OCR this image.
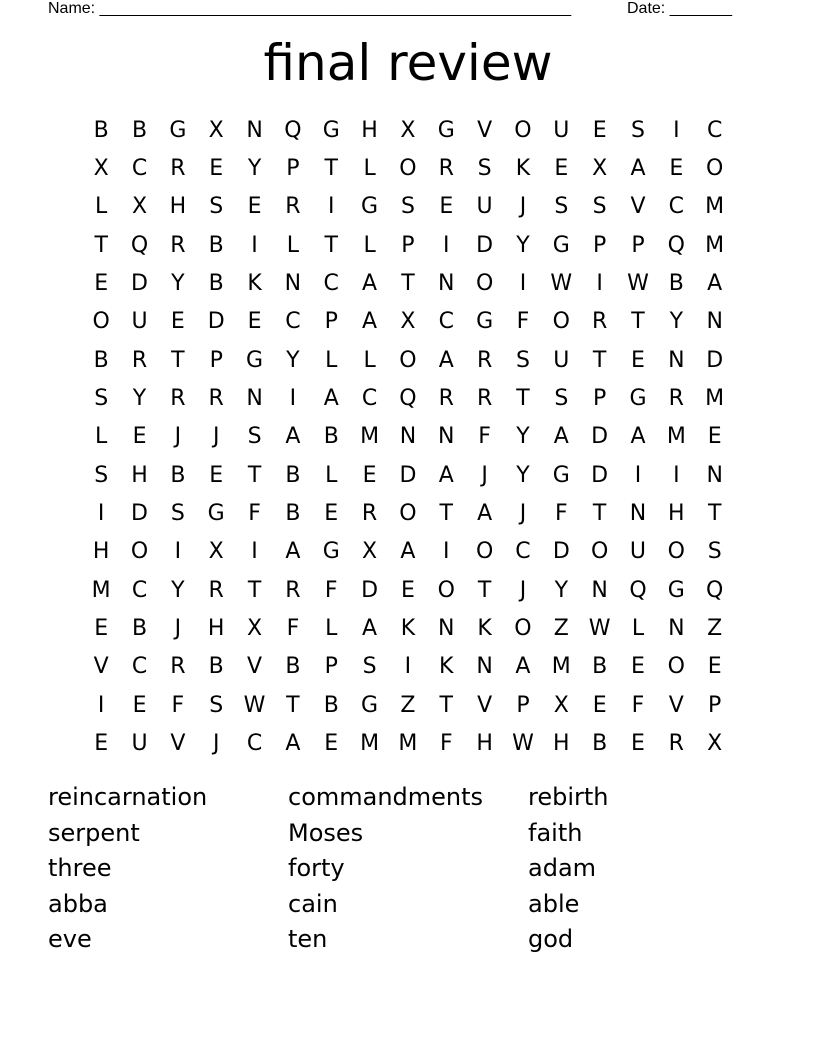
Name: _____________________________________________________	Date: _______
final review
B	B	G	X	N Q G H	X	G	V	O U	E	S	I	C
X	C	R	E	Y	P	T	L	O	R	S	K	E	X	A	E	O
L	X	H	S	E	R	I	G	S	E	U	J	S	S	V	C M
T	Q	R	B	I	L	T	L	P	I	D	Y	G	P	P	Q M
E	D	Y	B	K	N	C	A	T	N O	I	W	I	W B	A
O U	E	D	E	C	P	A	X	C	G	F	O	R	T	Y	N
B	R	T	P	G	Y	L	L	O	A	R	S	U	T	E	N D
S	Y	R	R	N	I	A	C Q	R	R	T	S	P	G	R M
L	E	J	J	S	A	B M N N	F	Y	A	D	A M E
S	H	B	E	T	B	L	E	D	A	J	Y	G D	I	I	N
I	D	S	G	F	B	E	R	O	T	A	J	F	T	N H	T
H O	I	X	I	A	G	X	A	I	O	C	D O U O	S
M C	Y	R	T	R	F	D	E	O	T	J	Y	N Q G Q
E	B	J	H	X	F	L	A	K	N	K	O	Z W L	N	Z
V	C	R	B	V	B	P	S	I	K	N	A M B	E	O	E
I	E	F	S W T	B	G	Z	T	V	P	X	E	F	V	P
E	U	V	J	C	A	E M M	F	H W H	B	E	R	X
reincarnation	commandments	rebirth
serpent	Moses	faith
three	forty	adam
abba	cain	able
eve	ten	god
